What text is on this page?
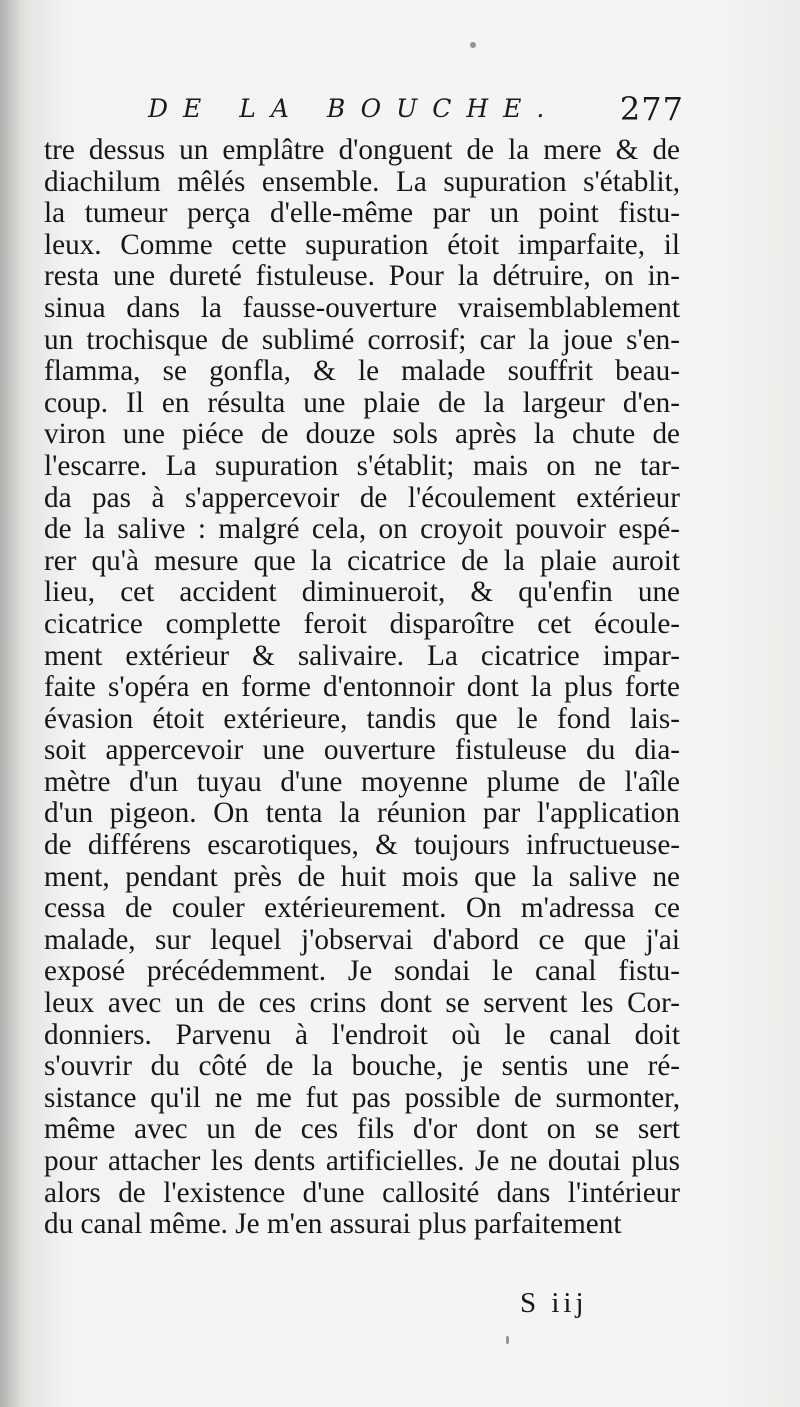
DE LA BOUCHE. 277
tre dessus un emplâtre d'onguent de la mere & de
diachilum mêlés ensemble. La supuration s'établit,
la tumeur perça d'elle-même par un point fistu-
leux. Comme cette supuration étoit imparfaite, il
resta une dureté fistuleuse. Pour la détruire, on in-
sinua dans la fausse-ouverture vraisemblablement
un trochisque de sublimé corrosif; car la joue s'en-
flamma, se gonfla, & le malade souffrit beau-
coup. Il en résulta une plaie de la largeur d'en-
viron une piéce de douze sols après la chute de
l'escarre. La supuration s'établit; mais on ne tar-
da pas à s'appercevoir de l'écoulement extérieur
de la salive : malgré cela, on croyoit pouvoir espé-
rer qu'à mesure que la cicatrice de la plaie auroit
lieu, cet accident diminueroit, & qu'enfin une
cicatrice complette feroit disparoître cet écoule-
ment extérieur & salivaire. La cicatrice impar-
faite s'opéra en forme d'entonnoir dont la plus forte
évasion étoit extérieure, tandis que le fond lais-
soit appercevoir une ouverture fistuleuse du dia-
mètre d'un tuyau d'une moyenne plume de l'aîle
d'un pigeon. On tenta la réunion par l'application
de différens escarotiques, & toujours infructueuse-
ment, pendant près de huit mois que la salive ne
cessa de couler extérieurement. On m'adressa ce
malade, sur lequel j'observai d'abord ce que j'ai
exposé précédemment. Je sondai le canal fistu-
leux avec un de ces crins dont se servent les Cor-
donniers. Parvenu à l'endroit où le canal doit
s'ouvrir du côté de la bouche, je sentis une ré-
sistance qu'il ne me fut pas possible de surmonter,
même avec un de ces fils d'or dont on se sert
pour attacher les dents artificielles. Je ne doutai plus
alors de l'existence d'une callosité dans l'intérieur
du canal même. Je m'en assurai plus parfaitement
S iij
